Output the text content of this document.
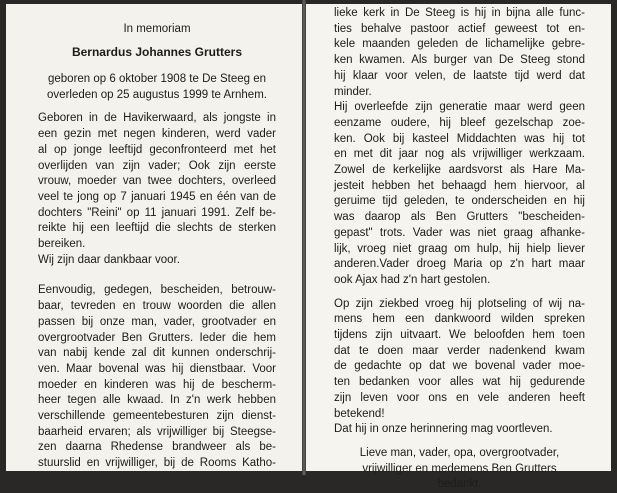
In memoriam
Bernardus Johannes Grutters
geboren op 6 oktober 1908 te De Steeg en
overleden op 25 augustus 1999 te Arnhem.
Geboren in de Havikerwaard, als jongste in
een gezin met negen kinderen, werd vader
al op jonge leeftijd geconfronteerd met het
overlijden van zijn vader; Ook zijn eerste
vrouw, moeder van twee dochters, overleed
veel te jong op 7 januari 1945 en één van de
dochters "Reini" op 11 januari 1991. Zelf be-
reikte hij een leeftijd die slechts de sterken
bereiken.
Wij zijn daar dankbaar voor.
Eenvoudig, gedegen, bescheiden, betrouw-
baar, tevreden en trouw woorden die allen
passen bij onze man, vader, grootvader en
overgrootvader Ben Grutters. Ieder die hem
van nabij kende zal dit kunnen onderschrij-
ven. Maar bovenal was hij dienstbaar. Voor
moeder en kinderen was hij de bescherm-
heer tegen alle kwaad. In z'n werk hebben
verschillende gemeentebesturen zijn dienst-
baarheid ervaren; als vrijwilliger bij Steegse-
zen daarna Rhedense brandweer als be-
stuurslid en vrijwilliger, bij de Rooms Katho-
lieke kerk in De Steeg is hij in bijna alle func-
ties behalve pastoor actief geweest tot en-
kele maanden geleden de lichamelijke gebre-
ken kwamen. Als burger van De Steeg stond
hij klaar voor velen, de laatste tijd werd dat
minder.
Hij overleefde zijn generatie maar werd geen
eenzame oudere, hij bleef gezelschap zoe-
ken. Ook bij kasteel Middachten was hij tot
en met dit jaar nog als vrijwilliger werkzaam.
Zowel de kerkelijke aardsvorst als Hare Ma-
jesteit hebben het behaagd hem hiervoor, al
geruime tijd geleden, te onderscheiden en hij
was daarop als Ben Grutters "bescheiden-
gepast" trots. Vader was niet graag afhanke-
lijk, vroeg niet graag om hulp, hij hielp liever
anderen.Vader droeg Maria op z'n hart maar
ook Ajax had z'n hart gestolen.
Op zijn ziekbed vroeg hij plotseling of wij na-
mens hem een dankwoord wilden spreken
tijdens zijn uitvaart. We beloofden hem toen
dat te doen maar verder nadenkend kwam
de gedachte op dat we bovenal vader moe-
ten bedanken voor alles wat hij gedurende
zijn leven voor ons en vele anderen heeft
betekend!
Dat hij in onze herinnering mag voortleven.
Lieve man, vader, opa, overgrootvader,
vrijwilliger en medemens Ben Grutters
bedankt.
